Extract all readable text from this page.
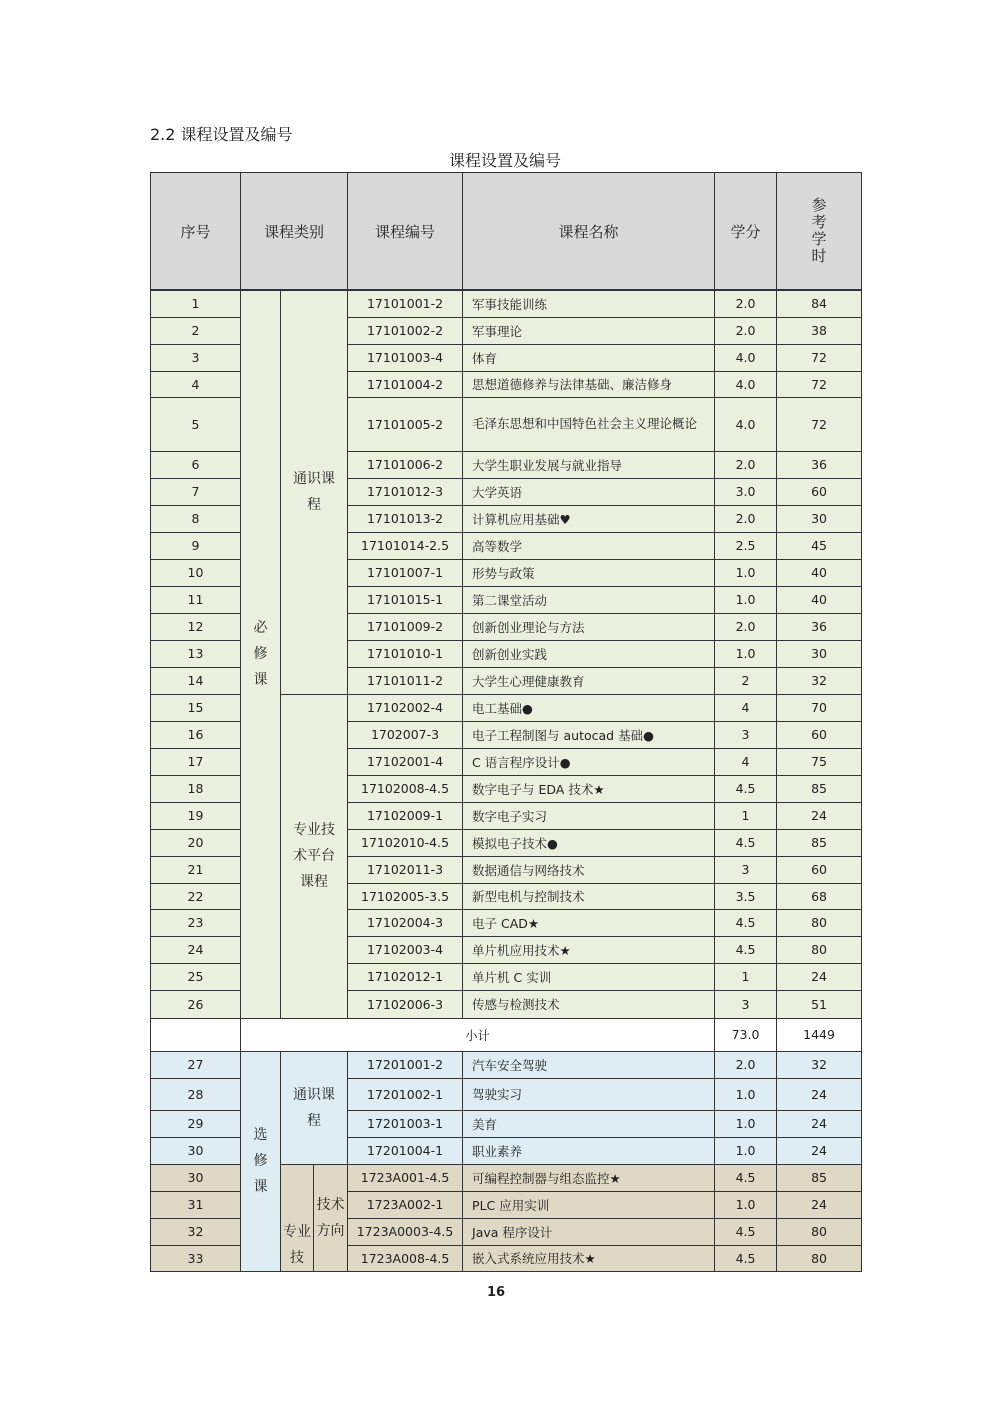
2.2 课程设置及编号
课程设置及编号
序号	课程类别			课程编号	课程名称	学分	参考学时
1	必修课	通识课程		17101001-2	军事技能训练	2.0	84
2				17101002-2	军事理论	2.0	38
3				17101003-4	体育	4.0	72
4				17101004-2	思想道德修养与法律基础、廉洁修身	4.0	72
5				17101005-2	毛泽东思想和中国特色社会主义理论概论	4.0	72
6				17101006-2	大学生职业发展与就业指导	2.0	36
7				17101012-3	大学英语	3.0	60
8				17101013-2	计算机应用基础♥	2.0	30
9				17101014-2.5	高等数学	2.5	45
10				17101007-1	形势与政策	1.0	40
11				17101015-1	第二课堂活动	1.0	40
12				17101009-2	创新创业理论与方法	2.0	36
13				17101010-1	创新创业实践	1.0	30
14				17101011-2	大学生心理健康教育	2	32
15		专业技术平台课程		17102002-4	电工基础●	4	70
16				1702007-3	电子工程制图与 autocad 基础●	3	60
17				17102001-4	C 语言程序设计●	4	75
18				17102008-4.5	数字电子与 EDA 技术★	4.5	85
19				17102009-1	数字电子实习	1	24
20				17102010-4.5	模拟电子技术●	4.5	85
21				17102011-3	数据通信与网络技术	3	60
22				17102005-3.5	新型电机与控制技术	3.5	68
23				17102004-3	电子 CAD★	4.5	80
24				17102003-4	单片机应用技术★	4.5	80
25				17102012-1	单片机 C 实训	1	24
26				17102006-3	传感与检测技术	3	51
	小计					73.0	1449
27	选修课	通识课程		17201001-2	汽车安全驾驶	2.0	32
28				17201002-1	驾驶实习	1.0	24
29				17201003-1	美育	1.0	24
30				17201004-1	职业素养	1.0	24
30		专业技	技术方向	1723A001-4.5	可编程控制器与组态监控★	4.5	85
31				1723A002-1	PLC 应用实训	1.0	24
32				1723A0003-4.5	Java 程序设计	4.5	80
33				1723A008-4.5	嵌入式系统应用技术★	4.5	80
16
